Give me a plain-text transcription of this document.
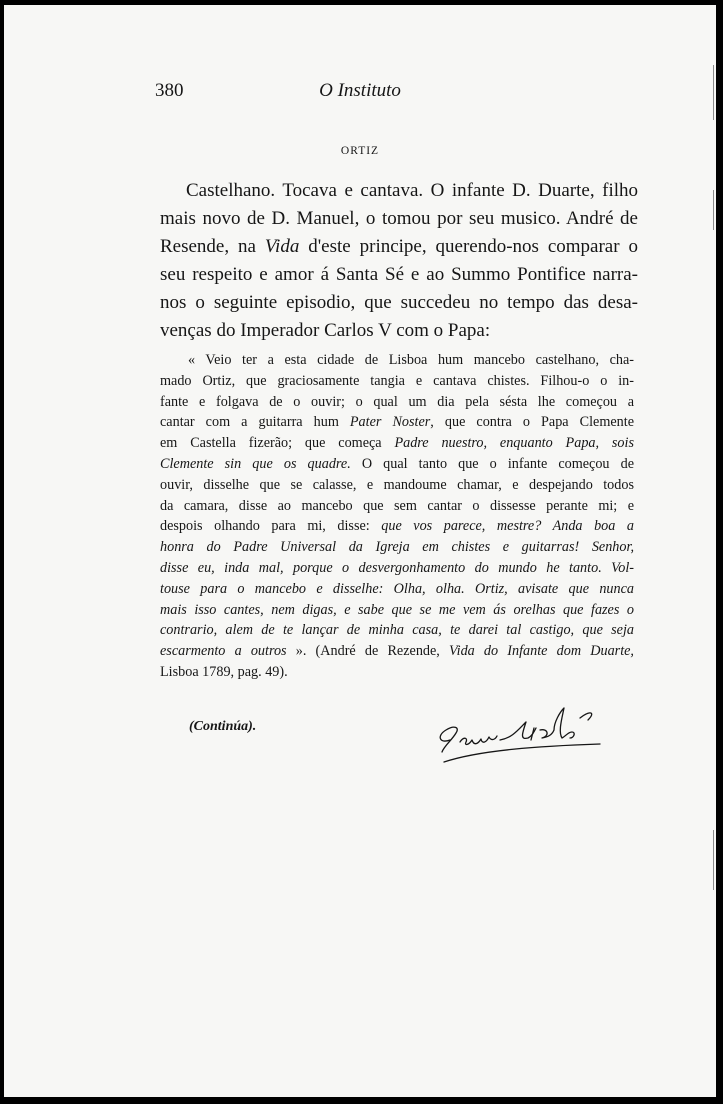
380	O Instituto
ORTIZ

Castelhano. Tocava e cantava. O infante D. Duarte, filho
mais novo de D. Manuel, o tomou por seu musico. André de
Resende, na Vida d'este principe, querendo-nos comparar o
seu respeito e amor á Santa Sé e ao Summo Pontifice narra-
nos o seguinte episodio, que succedeu no tempo das desa-
venças do Imperador Carlos V com o Papa:

« Veio ter a esta cidade de Lisboa hum mancebo castelhano, cha-
mado Ortiz, que graciosamente tangia e cantava chistes. Filhou-o o in-
fante e folgava de o ouvir; o qual um dia pela sésta lhe começou a
cantar com a guitarra hum Pater Noster, que contra o Papa Clemente
em Castella fizerão; que começa Padre nuestro, enquanto Papa, sois
Clemente sin que os quadre. O qual tanto que o infante começou de
ouvir, disselhe que se calasse, e mandoume chamar, e despejando todos
da camara, disse ao mancebo que sem cantar o dissesse perante mi; e
despois olhando para mi, disse: que vos parece, mestre? Anda boa a
honra do Padre Universal da Igreja em chistes e guitarras! Senhor,
disse eu, inda mal, porque o desvergonhamento do mundo he tanto. Vol-
touse para o mancebo e disselhe: Olha, olha. Ortiz, avisate que nunca
mais isso cantes, nem digas, e sabe que se me vem ás orelhas que fazes o
contrario, alem de te lançar de minha casa, te darei tal castigo, que seja
escarmento a outros ». (André de Rezende, Vida do Infante dom Duarte,
Lisboa 1789, pag. 49).

(Continúa).
